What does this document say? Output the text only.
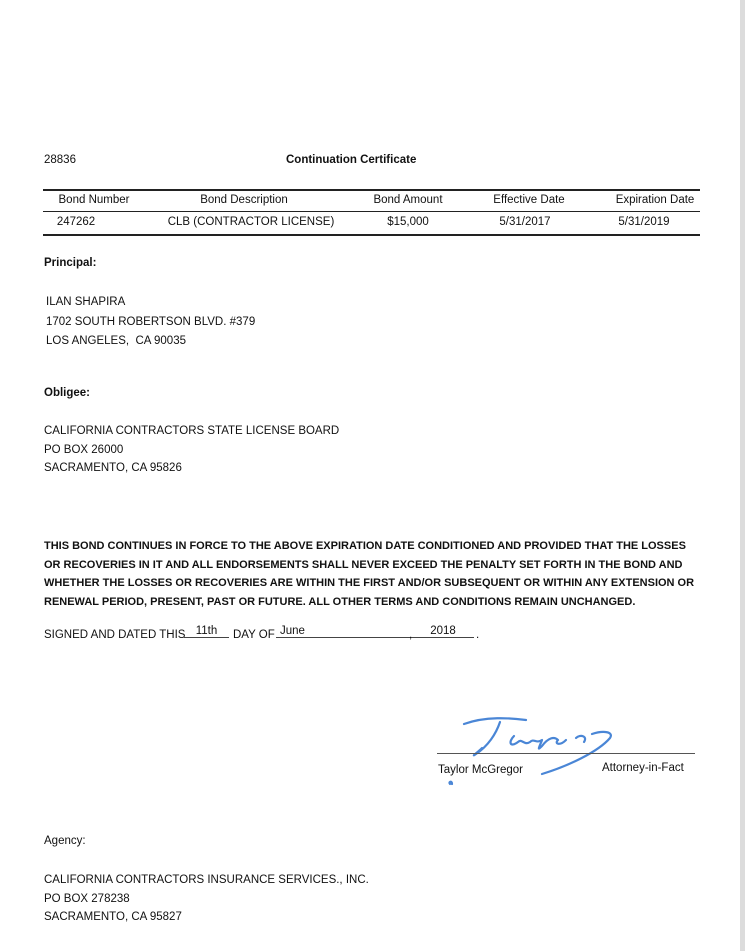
28836	Continuation Certificate
Bond Number	Bond Description	Bond Amount	Effective Date	Expiration Date
247262	CLB (CONTRACTOR LICENSE)	$15,000	5/31/2017	5/31/2019
Principal:
ILAN SHAPIRA
1702 SOUTH ROBERTSON BLVD. #379
LOS ANGELES,  CA 90035
Obligee:
CALIFORNIA CONTRACTORS STATE LICENSE BOARD
PO BOX 26000
SACRAMENTO, CA 95826
THIS BOND CONTINUES IN FORCE TO THE ABOVE EXPIRATION DATE CONDITIONED AND PROVIDED THAT THE LOSSES OR RECOVERIES IN IT AND ALL ENDORSEMENTS SHALL NEVER EXCEED THE PENALTY SET FORTH IN THE BOND AND WHETHER THE LOSSES OR RECOVERIES ARE WITHIN THE FIRST AND/OR SUBSEQUENT OR WITHIN ANY EXTENSION OR RENEWAL PERIOD, PRESENT, PAST OR FUTURE. ALL OTHER TERMS AND CONDITIONS REMAIN UNCHANGED.
SIGNED AND DATED THIS 11th	DAY OF June	,	2018	.
Taylor McGregor	Attorney-in-Fact
Agency:
CALIFORNIA CONTRACTORS INSURANCE SERVICES., INC.
PO BOX 278238
SACRAMENTO, CA 95827
